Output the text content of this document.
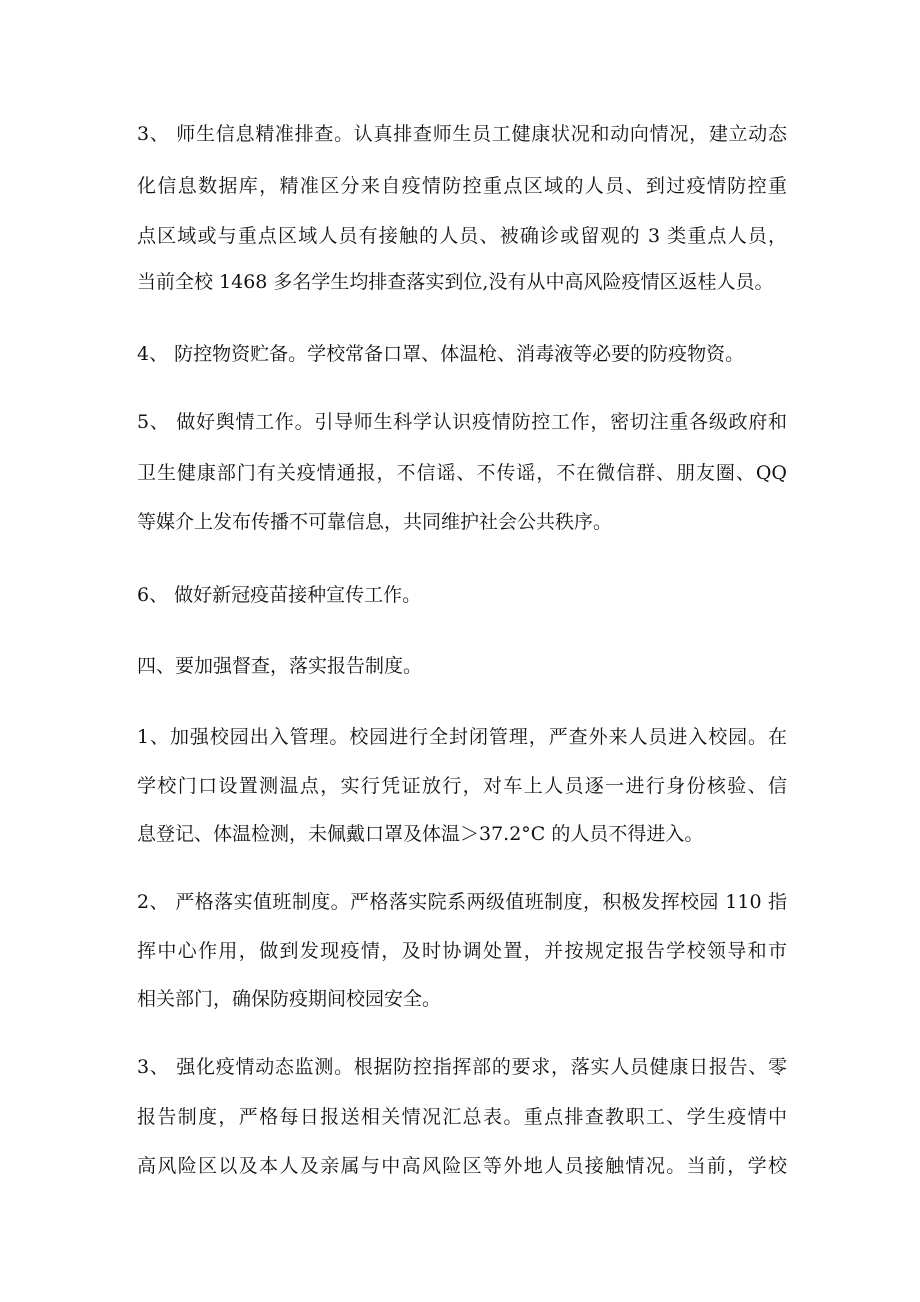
3、 师生信息精准排查。认真排查师生员工健康状况和动向情况，建立动态
化信息数据库，精准区分来自疫情防控重点区域的人员、到过疫情防控重
点区域或与重点区域人员有接触的人员、被确诊或留观的 3 类重点人员，
当前全校 1468 多名学生均排查落实到位,没有从中高风险疫情区返桂人员。
4、 防控物资贮备。学校常备口罩、体温枪、消毒液等必要的防疫物资。
5、 做好舆情工作。引导师生科学认识疫情防控工作，密切注重各级政府和
卫生健康部门有关疫情通报，不信谣、不传谣，不在微信群、朋友圈、QQ
等媒介上发布传播不可靠信息，共同维护社会公共秩序。
6、 做好新冠疫苗接种宣传工作。
四、要加强督查，落实报告制度。
1、加强校园出入管理。校园进行全封闭管理，严查外来人员进入校园。在
学校门口设置测温点，实行凭证放行，对车上人员逐一进行身份核验、信
息登记、体温检测，未佩戴口罩及体温＞37.2°C 的人员不得进入。
2、 严格落实值班制度。严格落实院系两级值班制度，积极发挥校园 110 指
挥中心作用，做到发现疫情，及时协调处置，并按规定报告学校领导和市
相关部门，确保防疫期间校园安全。
3、 强化疫情动态监测。根据防控指挥部的要求，落实人员健康日报告、零
报告制度，严格每日报送相关情况汇总表。重点排查教职工、学生疫情中
高风险区以及本人及亲属与中高风险区等外地人员接触情况。当前，学校
